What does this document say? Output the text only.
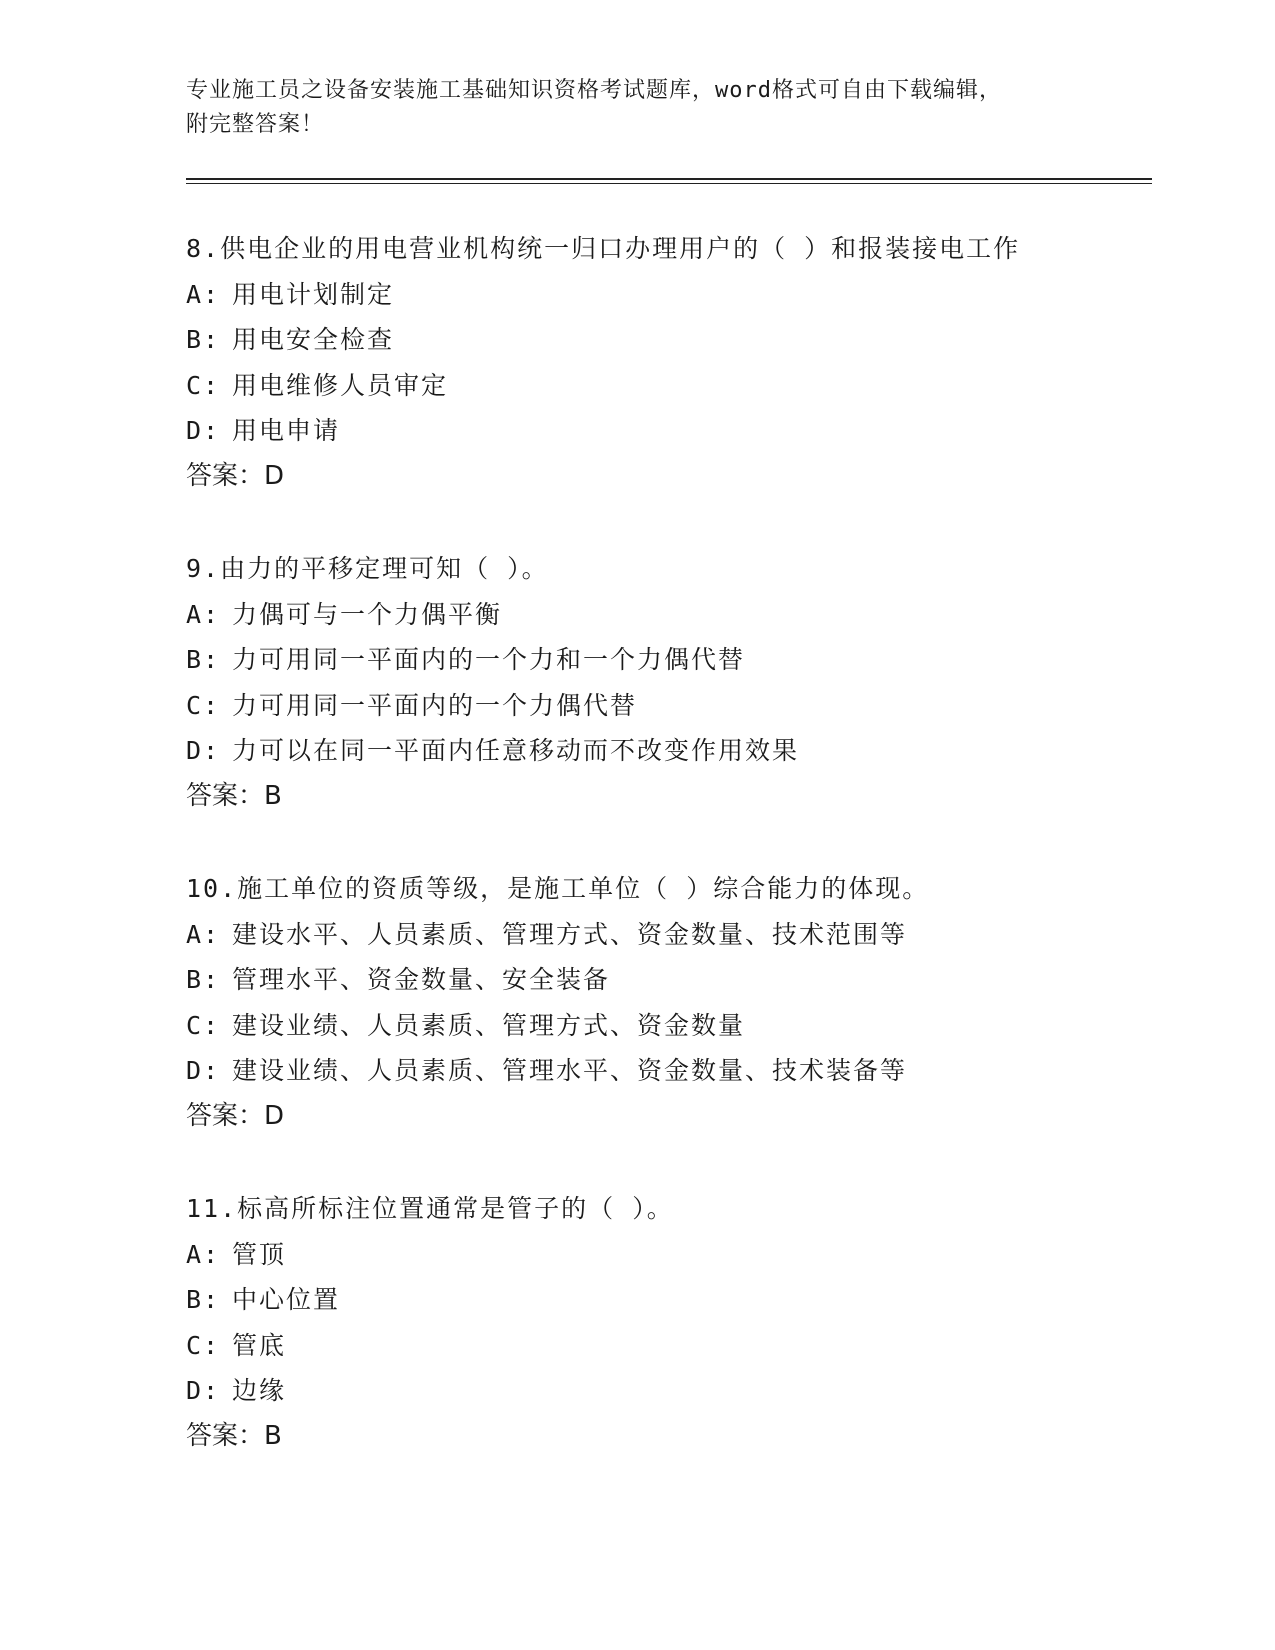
专业施工员之设备安装施工基础知识资格考试题库，word格式可自由下载编辑，
附完整答案！
8.供电企业的用电营业机构统一归口办理用户的（ ）和报装接电工作
A: 用电计划制定
B: 用电安全检查
C: 用电维修人员审定
D: 用电申请
答案：D
9.由力的平移定理可知（ ）。
A: 力偶可与一个力偶平衡
B: 力可用同一平面内的一个力和一个力偶代替
C: 力可用同一平面内的一个力偶代替
D: 力可以在同一平面内任意移动而不改变作用效果
答案：B
10.施工单位的资质等级，是施工单位（ ）综合能力的体现。
A: 建设水平、人员素质、管理方式、资金数量、技术范围等
B: 管理水平、资金数量、安全装备
C: 建设业绩、人员素质、管理方式、资金数量
D: 建设业绩、人员素质、管理水平、资金数量、技术装备等
答案：D
11.标高所标注位置通常是管子的（ ）。
A: 管顶
B: 中心位置
C: 管底
D: 边缘
答案：B
